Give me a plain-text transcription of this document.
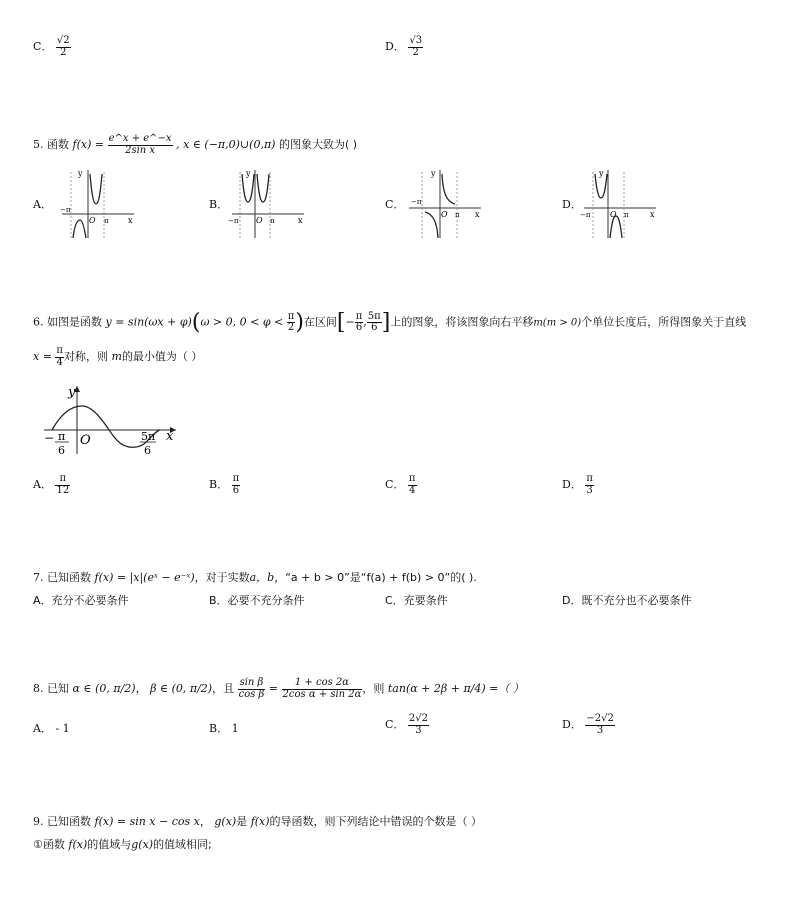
C． $\frac{√2}{2}$	D． $\frac{√3}{2}$
5. 函数 $f(x) = \frac{e\^{}x + e\^{}-x}{\text{2sin x}}$ , x ∈ (−π,0)∪(0,π) 的图象大致为( )
A．	B．	C．	D．
y
−π
O π x
y
−π O π	x
y
−π
O π x
y
−π O π	x
6. 如图是函数 y = sin(ωx + φ)(ω > 0, $0 < \varphi < \frac{\pi}{2}$ )在区间[− $\frac{\pi}{6}$ , $\frac{5\pi}{6}$ ]上的图象，将该图象向右平移m(m > 0)个单位长度后，所得图象关于直线
$x = \frac{\pi}{4}$ 对称，则 m的最小值为（ ）
y
x
O
− π
6
5π
6
A． $\frac{\pi}{12}$	B． $\frac{\pi}{6}$	C． $\frac{\pi}{4}$	D． $\frac{\pi}{3}$
7. 已知函数 f(x) = |x|(eˣ − e⁻ˣ)，对于实数a，b，“a + b > 0”是“f(a) + f(b) > 0”的( ).
A．充分不必要条件	B．必要不充分条件	C．充要条件	D．既不充分也不必要条件
8. 已知 α ∈ (0, π/2)， β ∈ (0, π/2)，且 $\frac{\text{sin β}}{\text{cos β}} = \frac{1 + \cos 2\alpha}{\text{2cos α + sin 2α}}$ ，则 tan(α + 2β + π/4) =（ ）
A． - 1	B． 1	C． $\frac{2√2}{3}$	D． $\frac{-2√2}{3}$
9. 已知函数 f(x) = sin x − cos x， g(x)是 f(x)的导函数，则下列结论中错误的个数是（ ）
①函数 f(x)的值域与g(x)的值域相同;
